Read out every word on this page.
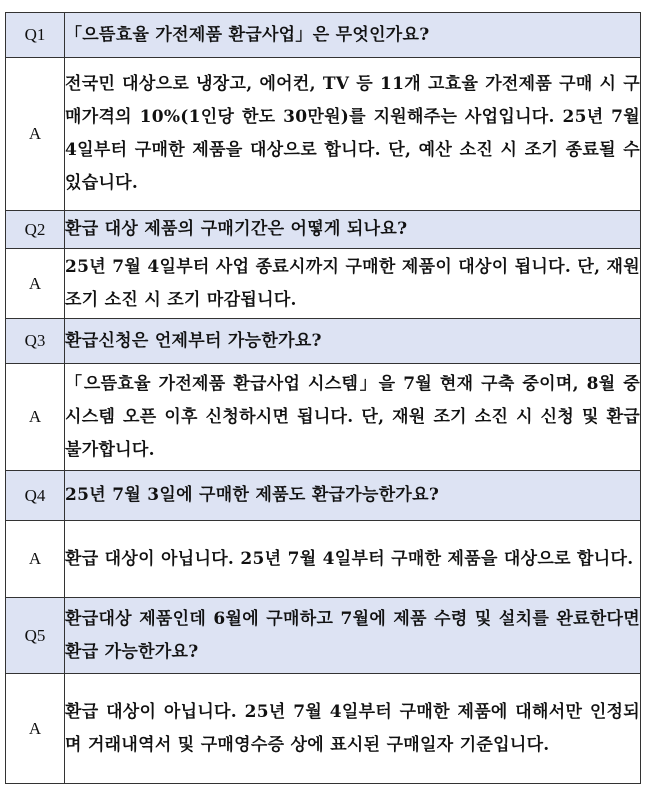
Q1	「으뜸효율 가전제품 환급사업」은 무엇인가요?
A	전국민 대상으로 냉장고, 에어컨, TV 등 11개 고효율 가전제품 구매 시 구매가격의 10%(1인당 한도 30만원)를 지원해주는 사업입니다. 25년 7월 4일부터 구매한 제품을 대상으로 합니다. 단, 예산 소진 시 조기 종료될 수 있습니다.
Q2	환급 대상 제품의 구매기간은 어떻게 되나요?
A	25년 7월 4일부터 사업 종료시까지 구매한 제품이 대상이 됩니다. 단, 재원 조기 소진 시 조기 마감됩니다.
Q3	환급신청은 언제부터 가능한가요?
A	「으뜸효율 가전제품 환급사업 시스템」을 7월 현재 구축 중이며, 8월 중 시스템 오픈 이후 신청하시면 됩니다. 단, 재원 조기 소진 시 신청 및 환급 불가합니다.
Q4	25년 7월 3일에 구매한 제품도 환급가능한가요?
A	환급 대상이 아닙니다. 25년 7월 4일부터 구매한 제품을 대상으로 합니다.
Q5	환급대상 제품인데 6월에 구매하고 7월에 제품 수령 및 설치를 완료한다면 환급 가능한가요?
A	환급 대상이 아닙니다. 25년 7월 4일부터 구매한 제품에 대해서만 인정되며 거래내역서 및 구매영수증 상에 표시된 구매일자 기준입니다.
